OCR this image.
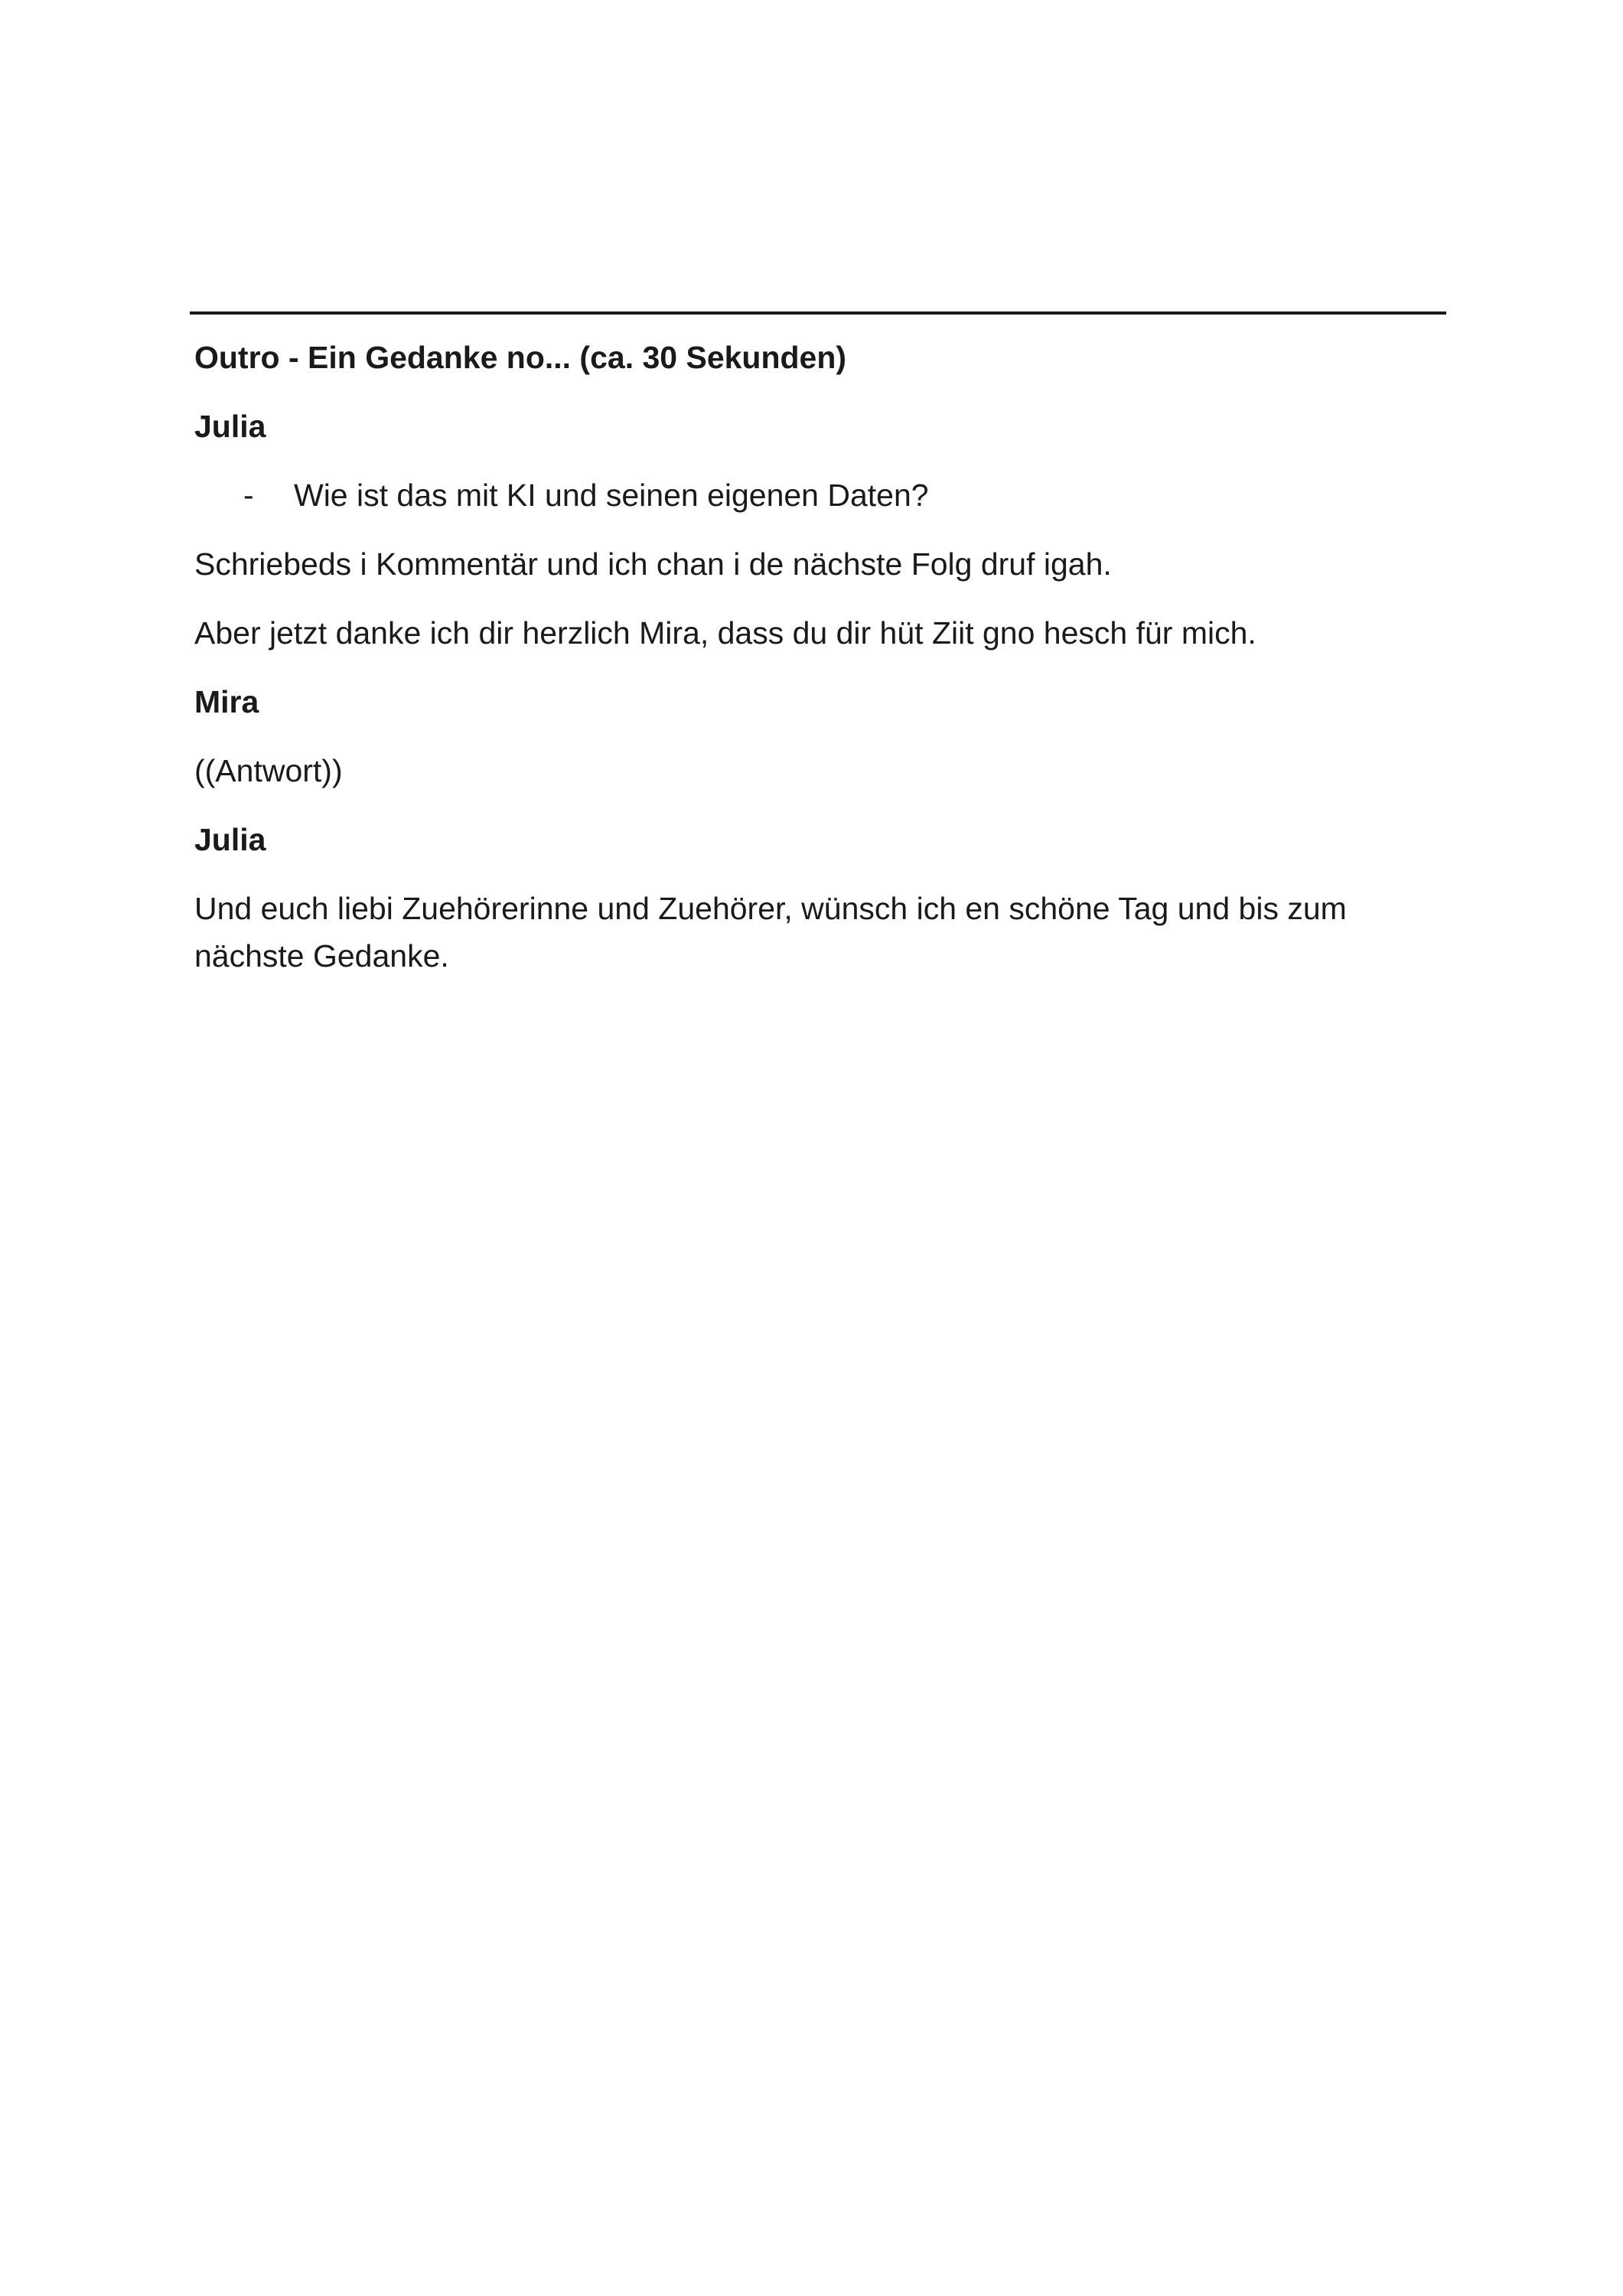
Outro - Ein Gedanke no... (ca. 30 Sekunden)

Julia

- Wie ist das mit KI und seinen eigenen Daten?

Schriebeds i Kommentär und ich chan i de nächste Folg druf igah.

Aber jetzt danke ich dir herzlich Mira, dass du dir hüt Ziit gno hesch für mich.

Mira

((Antwort))

Julia

Und euch liebi Zuehörerinne und Zuehörer, wünsch ich en schöne Tag und bis zum nächste Gedanke.
